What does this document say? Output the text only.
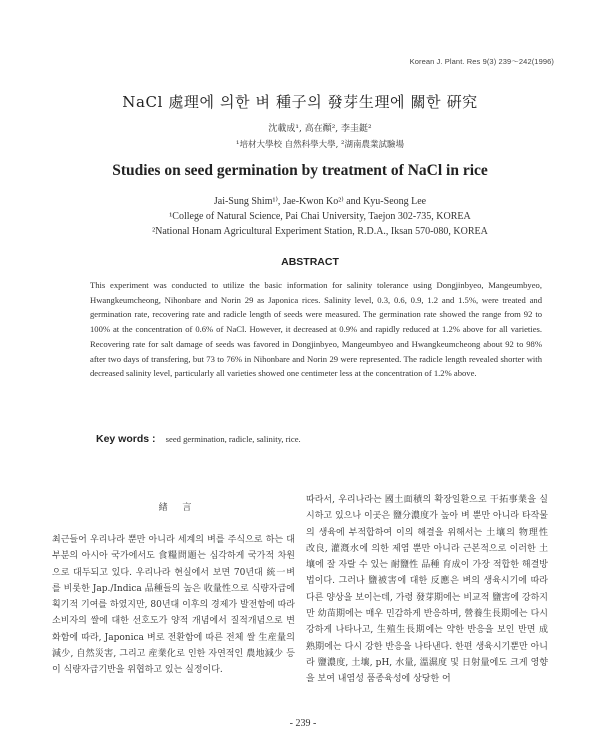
Korean J. Plant. Res 9(3) 239～242(1996)
NaCl 處理에 의한 벼 種子의 發芽生理에 關한 硏究
沈載成¹, 高在顚², 李圭鋌²
¹培材大學校 自然科學大學, ²湖南農業試驗場
Studies on seed germination by treatment of NaCl in rice
Jai-Sung Shim¹⁾, Jae-Kwon Ko²⁾ and Kyu-Seong Lee
¹College of Natural Science, Pai Chai University, Taejon 302-735, KOREA
²National Honam Agricultural Experiment Station, R.D.A., Iksan 570-080, KOREA
ABSTRACT
This experiment was conducted to utilize the basic information for salinity tolerance using Dongjinbyeo, Mangeumbyeo, Hwangkeumcheong, Nihonbare and Norin 29 as Japonica rices. Salinity level, 0.3, 0.6, 0.9, 1.2 and 1.5%, were treated and germination rate, recovering rate and radicle length of seeds were measured. The germination rate showed the range from 92 to 100% at the concentration of 0.6% of NaCl. However, it decreased at 0.9% and rapidly reduced at 1.2% above for all varieties. Recovering rate for salt damage of seeds was favored in Dongjinbyeo, Mangeumbyeo and Hwangkeumcheong about 92 to 98% after two days of transfering, but 73 to 76% in Nihonbare and Norin 29 were represented. The radicle length revealed shorter with decreased salinity level, particularly all varieties showed one centimeter less at the concentration of 1.2% above.
Key words : seed germination, radicle, salinity, rice.
緖 言
최근들어 우리나라 뿐만 아니라 세계의 벼를 주식으로 하는 대부분의 아시아 국가에서도 食糧問題는 심각하게 국가적 차원으로 대두되고 있다. 우리나라 현실에서 보면 70년대 統一벼를 비롯한 Jap./Indica 品種들의 높은 收量性으로 식량자급에 획기적 기여를 하였지만, 80년대 이후의 경제가 발전함에 따라 소비자의 쌀에 대한 선호도가 양적 개념에서 질적개념으로 변화함에 따라, Japonica 벼로 전환함에 따른 전체 쌀 生産量의 減少, 自然災害, 그리고 産業化로 인한 자연적인 農地減少 등이 식량자급기반을 위협하고 있는 실정이다.
따라서, 우리나라는 國土面積의 확장일환으로 干拓事業을 실시하고 있으나 이곳은 鹽分濃度가 높아 벼 뿐만 아니라 타작물의 생육에 부적합하여 이의 해결을 위해서는 土壤의 物理性 改良, 灌漑水에 의한 제염 뿐만 아니라 근본적으로 이러한 土壤에 잘 자랄 수 있는 耐鹽性 品種 育成이 가장 적합한 해결방법이다. 그러나 鹽被害에 대한 反應은 벼의 생육시기에 따라 다른 양상을 보이는데, 가령 發芽期에는 비교적 鹽害에 강하지만 幼苗期에는 매우 민감하게 반응하며, 營養生長期에는 다시 강하게 나타나고, 生殖生長期에는 약한 반응을 보인 반면 成熟期에는 다시 강한 반응을 나타낸다. 한편 생육시기뿐만 아니라 鹽濃度, 土壤, pH, 水量, 溫濕度 및 日射量에도 크게 영향을 보여 내염성 품종육성에 상당한 어
- 239 -
